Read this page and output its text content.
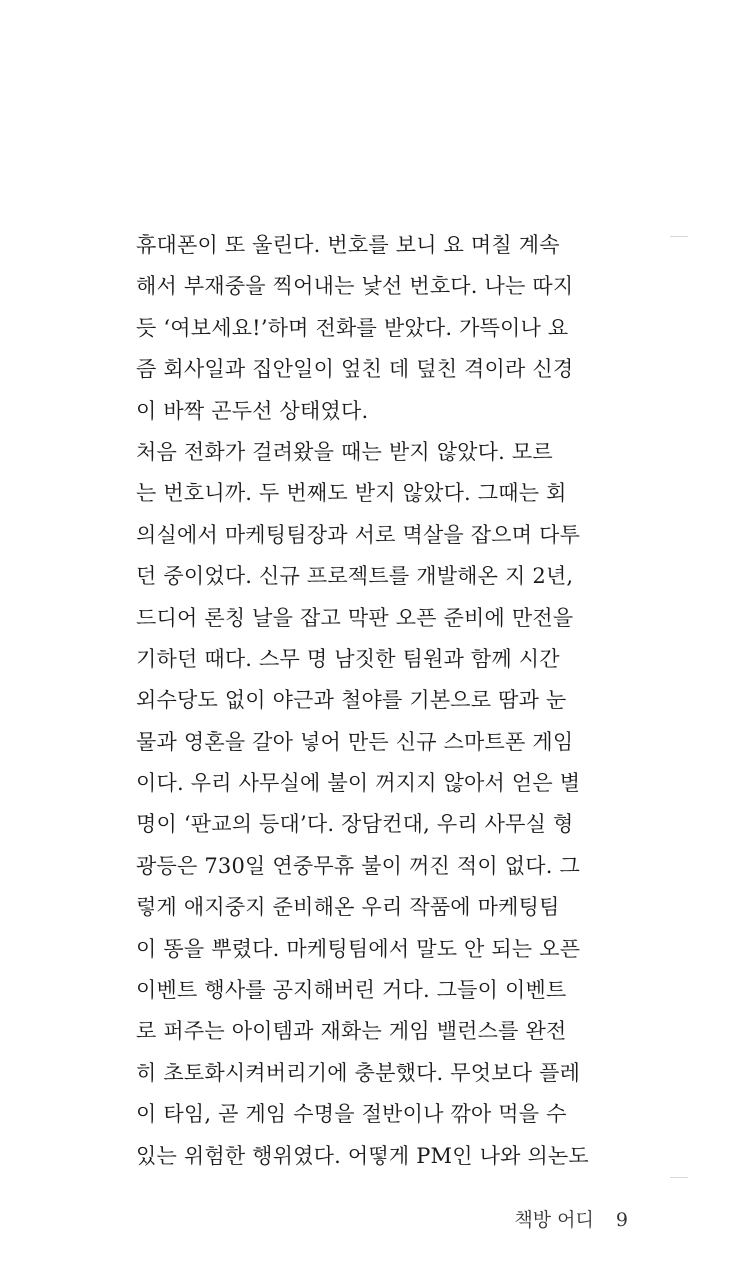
휴대폰이 또 울린다. 번호를 보니 요 며칠 계속
해서 부재중을 찍어내는 낯선 번호다. 나는 따지
듯 ‘여보세요!’하며 전화를 받았다. 가뜩이나 요
즘 회사일과 집안일이 엎친 데 덮친 격이라 신경
이 바짝 곤두선 상태였다.
처음 전화가 걸려왔을 때는 받지 않았다. 모르
는 번호니까. 두 번째도 받지 않았다. 그때는 회
의실에서 마케팅팀장과 서로 멱살을 잡으며 다투
던 중이었다. 신규 프로젝트를 개발해온 지 2년,
드디어 론칭 날을 잡고 막판 오픈 준비에 만전을
기하던 때다. 스무 명 남짓한 팀원과 함께 시간
외수당도 없이 야근과 철야를 기본으로 땀과 눈
물과 영혼을 갈아 넣어 만든 신규 스마트폰 게임
이다. 우리 사무실에 불이 꺼지지 않아서 얻은 별
명이 ‘판교의 등대’다. 장담컨대, 우리 사무실 형
광등은 730일 연중무휴 불이 꺼진 적이 없다. 그
렇게 애지중지 준비해온 우리 작품에 마케팅팀
이 똥을 뿌렸다. 마케팅팀에서 말도 안 되는 오픈
이벤트 행사를 공지해버린 거다. 그들이 이벤트
로 퍼주는 아이템과 재화는 게임 밸런스를 완전
히 초토화시켜버리기에 충분했다. 무엇보다 플레
이 타임, 곧 게임 수명을 절반이나 깎아 먹을 수
있는 위험한 행위였다. 어떻게 PM인 나와 의논도
책방 어디 9
